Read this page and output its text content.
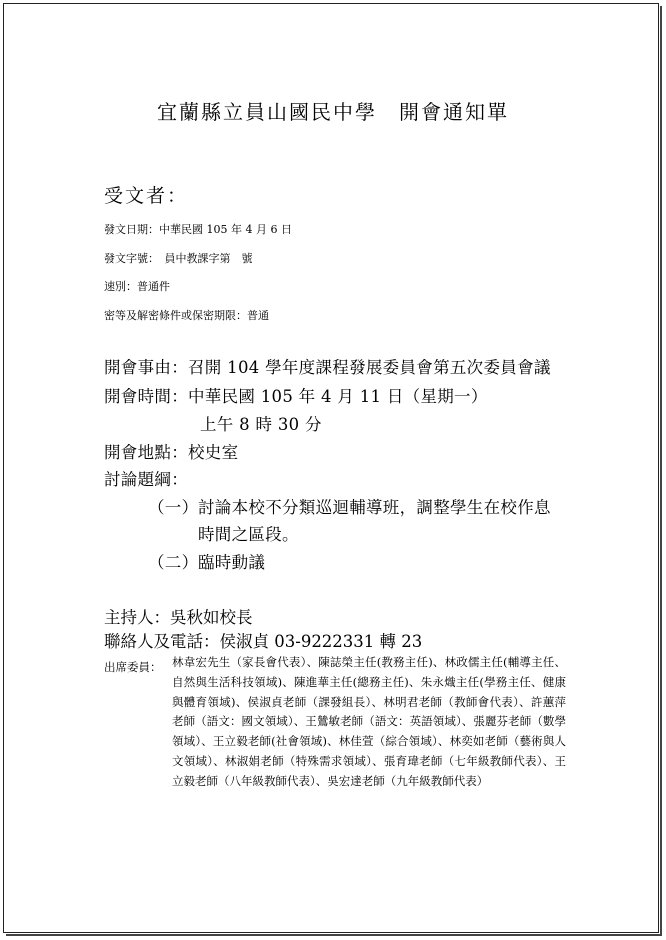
宜蘭縣立員山國民中學 開會通知單
受文者：
發文日期：中華民國 105 年 4 月 6 日
發文字號：　員中教課字第　號
速別：普通件
密等及解密條件或保密期限：普通
開會事由：召開 104 學年度課程發展委員會第五次委員會議
開會時間：中華民國 105 年 4 月 11 日（星期一）
上午 8 時 30 分
開會地點：校史室
討論題綱：
（一） 討論本校不分類巡迴輔導班，調整學生在校作息
時間之區段。
（二） 臨時動議
主持人：吳秋如校長
聯絡人及電話：侯淑貞 03-9222331 轉 23
出席委員： 林韋宏先生（家長會代表）、陳誌榮主任(教務主任)、林政儒主任(輔導主任、自然與生活科技領域)、陳進華主任(總務主任)、朱永熾主任(學務主任、健康與體育領域)、侯淑貞老師（課發組長）、林明君老師（教師會代表）、許蕙萍老師（語文：國文領域）、王鷥敏老師（語文：英語領域）、張麗芬老師（數學領域）、王立毅老師(社會領域)、林佳萱（綜合領域）、林奕如老師（藝術與人文領域）、林淑娟老師（特殊需求領域）、張育瑋老師（七年級教師代表）、王立毅老師（八年級教師代表）、吳宏達老師（九年級教師代表）
